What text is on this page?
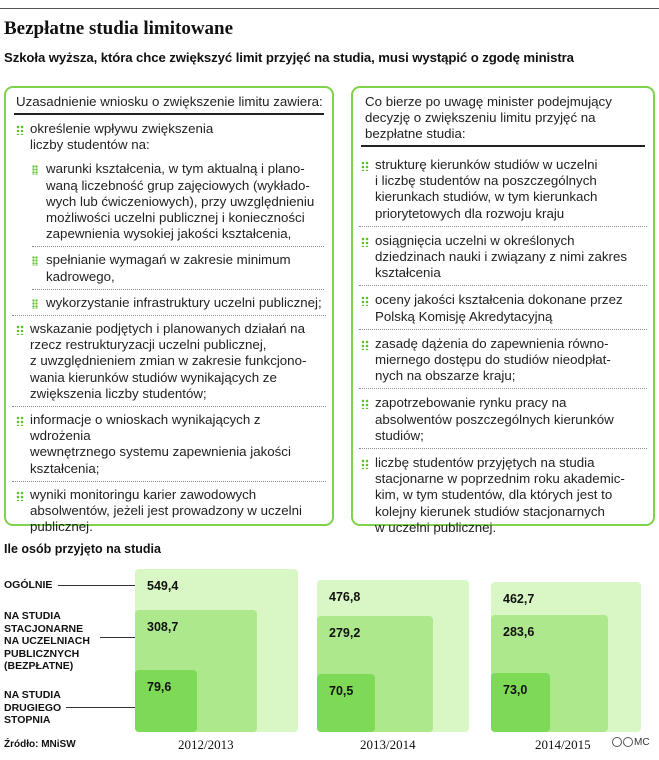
Bezpłatne studia limitowane
Szkoła wyższa, która chce zwiększyć limit przyjęć na studia, musi wystąpić o zgodę ministra
Uzasadnienie wniosku o zwiększenie limitu zawiera:
określenie wpływu zwiększenia
liczby studentów na:
warunki kształcenia, w tym aktualną i plano-
waną liczebność grup zajęciowych (wykłado-
wych lub ćwiczeniowych), przy uwzględnieniu
możliwości uczelni publicznej i konieczności
zapewnienia wysokiej jakości kształcenia,
spełnianie wymagań w zakresie minimum
kadrowego,
wykorzystanie infrastruktury uczelni publicznej;
wskazanie podjętych i planowanych działań na
rzecz restrukturyzacji uczelni publicznej,
z uwzględnieniem zmian w zakresie funkcjono-
wania kierunków studiów wynikających ze
zwiększenia liczby studentów;
informacje o wnioskach wynikających z wdrożenia
wewnętrznego systemu zapewnienia jakości
kształcenia;
wyniki monitoringu karier zawodowych
absolwentów, jeżeli jest prowadzony w uczelni
publicznej.
Co bierze po uwagę minister podejmujący
decyzję o zwiększeniu limitu przyjęć na
bezpłatne studia:
strukturę kierunków studiów w uczelni
i liczbę studentów na poszczególnych
kierunkach studiów, w tym kierunkach
priorytetowych dla rozwoju kraju
osiągnięcia uczelni w określonych
dziedzinach nauki i związany z nimi zakres
kształcenia
oceny jakości kształcenia dokonane przez
Polską Komisję Akredytacyjną
zasadę dążenia do zapewnienia równo-
miernego dostępu do studiów nieodpłat-
nych na obszarze kraju;
zapotrzebowanie rynku pracy na
absolwentów poszczególnych kierunków
studiów;
liczbę studentów przyjętych na studia
stacjonarne w poprzednim roku akademic-
kim, w tym studentów, dla których jest to
kolejny kierunek studiów stacjonarnych
w uczelni publicznej.
Ile osób przyjęto na studia
OGÓLNIE
NA STUDIA
STACJONARNE
NA UCZELNIACH
PUBLICZNYCH
(BEZPŁATNE)
NA STUDIA
DRUGIEGO
STOPNIA
549,4
308,7
79,6
476,8
279,2
70,5
462,7
283,6
73,0
2012/2013	2013/2014	2014/2015
Źródło: MNiSW	MC
